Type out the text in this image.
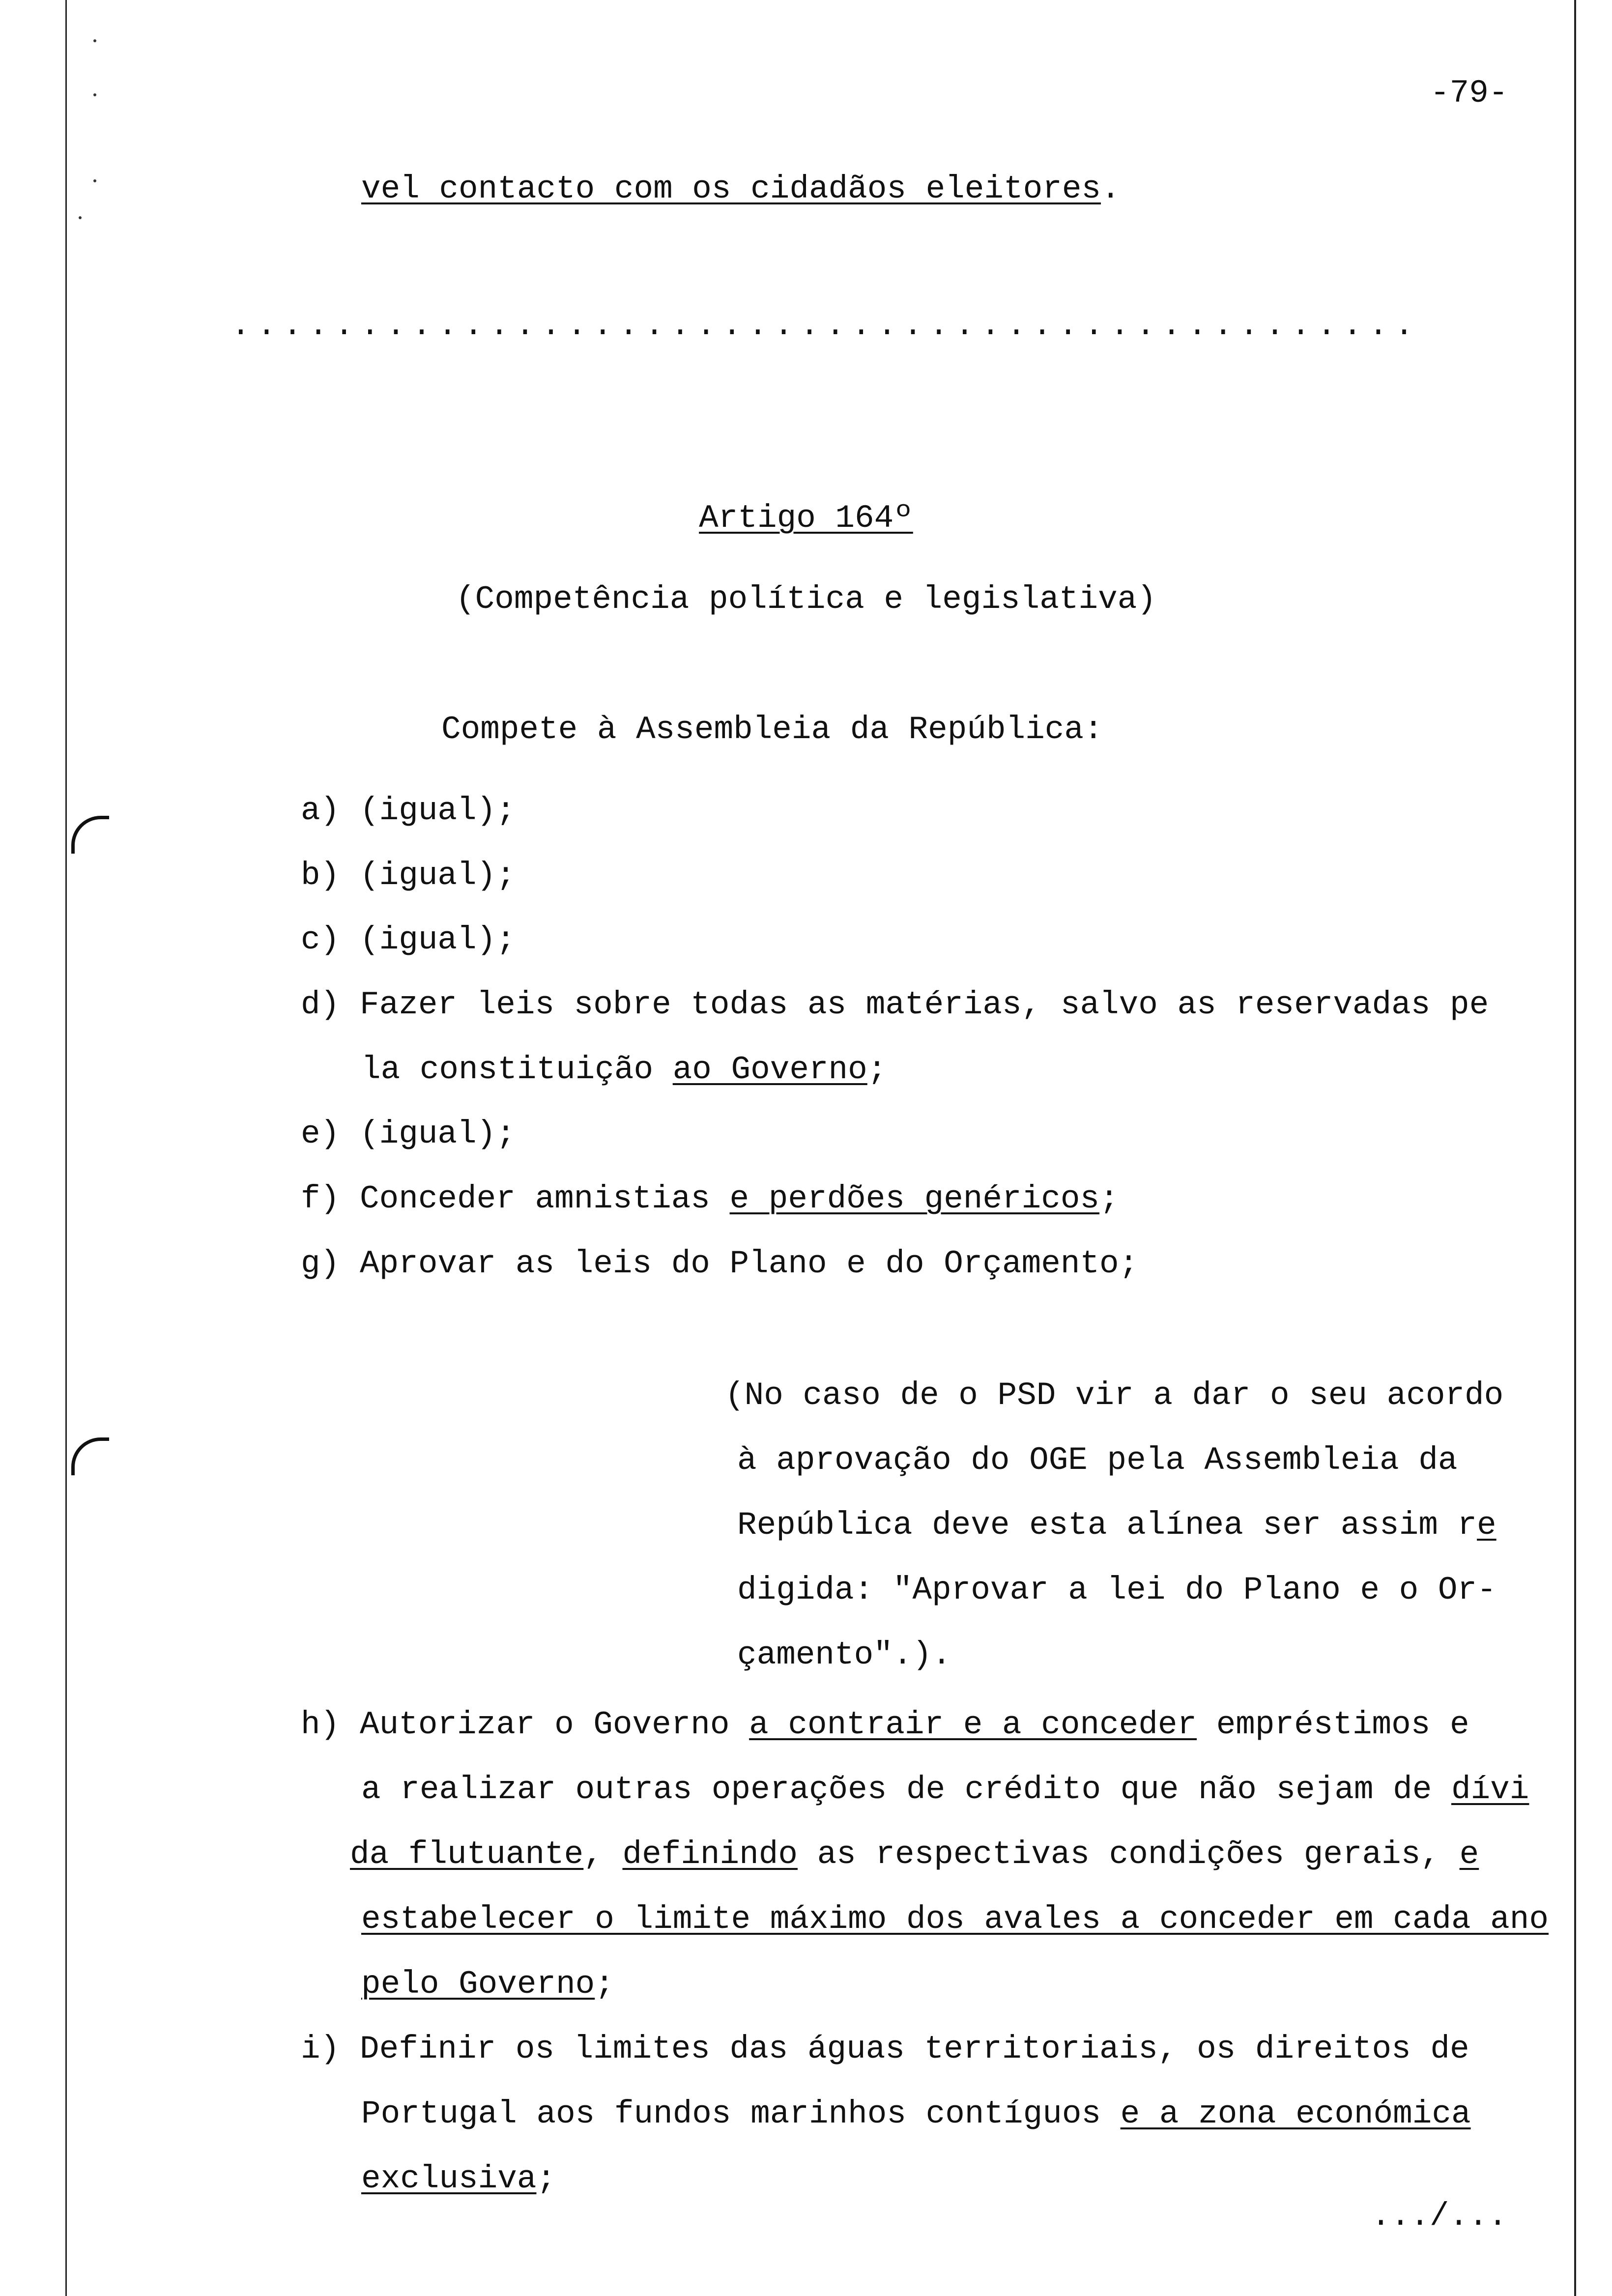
-79-
vel contacto com os cidadãos eleitores.
..............................................
Artigo 164º
(Competência política e legislativa)
Compete à Assembleia da República:
a) (igual);
b) (igual);
c) (igual);
d) Fazer leis sobre todas as matérias, salvo as reservadas pe
la constituição ao Governo;
e) (igual);
f) Conceder amnistias e perdões genéricos;
g) Aprovar as leis do Plano e do Orçamento;
(No caso de o PSD vir a dar o seu acordo
à aprovação do OGE pela Assembleia da
República deve esta alínea ser assim re
digida: "Aprovar a lei do Plano e o Or-
çamento".).
h) Autorizar o Governo a contrair e a conceder empréstimos e
a realizar outras operações de crédito que não sejam de dívi
da flutuante, definindo as respectivas condições gerais, e
estabelecer o limite máximo dos avales a conceder em cada ano
pelo Governo;
i) Definir os limites das águas territoriais, os direitos de
Portugal aos fundos marinhos contíguos e a zona económica
exclusiva;
.../...
